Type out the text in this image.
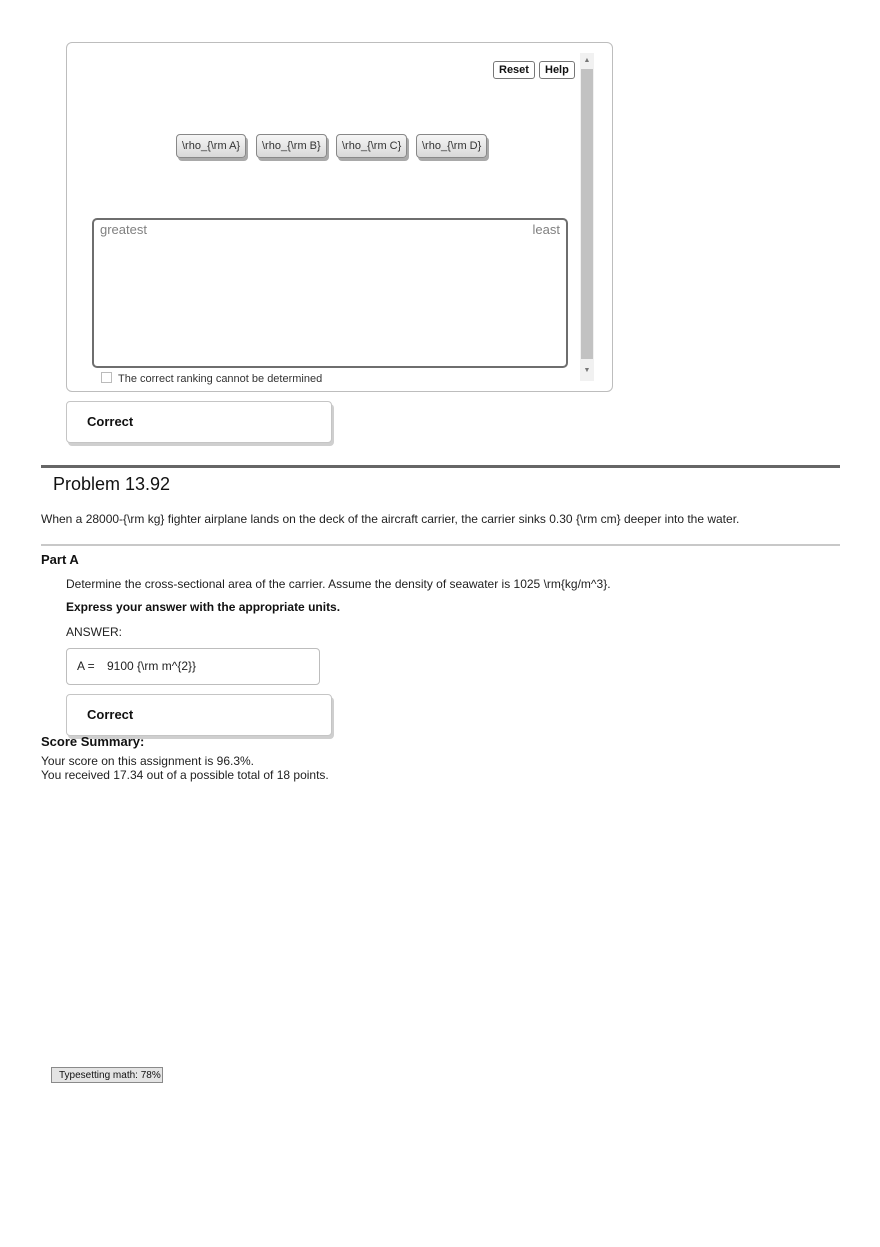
Reset	Help
\rho_{\rm A}	\rho_{\rm B}	\rho_{\rm C}	\rho_{\rm D}
greatest	least
The correct ranking cannot be determined
▲
▼
Correct
Problem 13.92
When a 28000-{\rm kg} fighter airplane lands on the deck of the aircraft carrier, the carrier sinks 0.30 {\rm cm} deeper into the water.
Part A
Determine the cross-sectional area of the carrier. Assume the density of seawater is 1025 \rm{kg/m^3}.
Express your answer with the appropriate units.
ANSWER:
A = 9100 {\rm m^{2}}
Correct
Score Summary:
Your score on this assignment is 96.3%.
You received 17.34 out of a possible total of 18 points.
Typesetting math: 78%
